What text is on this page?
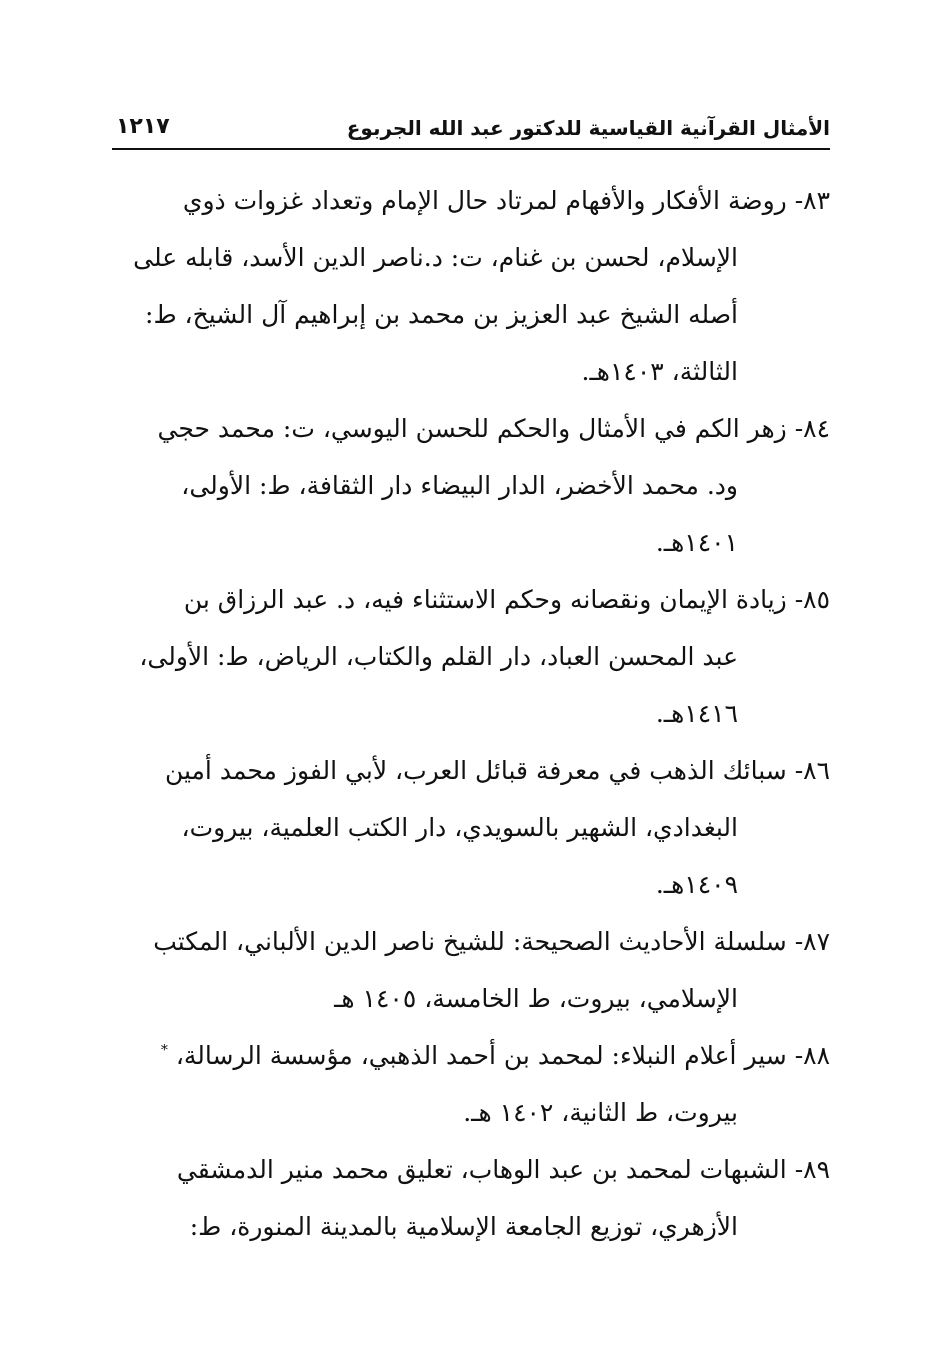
الأمثال القرآنية القياسية للدكتور عبد الله الجربوع
١٢١٧
٨٣- روضة الأفكار والأفهام لمرتاد حال الإمام وتعداد غزوات ذوي
الإسلام، لحسن بن غنام، ت: د.ناصر الدين الأسد، قابله على
أصله الشيخ عبد العزيز بن محمد بن إبراهيم آل الشيخ، ط:
الثالثة، ١٤٠٣هـ.
٨٤- زهر الكم في الأمثال والحكم للحسن اليوسي، ت: محمد حجي
ود. محمد الأخضر، الدار البيضاء دار الثقافة، ط: الأولى،
١٤٠١هـ.
٨٥- زيادة الإيمان ونقصانه وحكم الاستثناء فيه، د. عبد الرزاق بن
عبد المحسن العباد، دار القلم والكتاب، الرياض، ط: الأولى،
١٤١٦هـ.
٨٦- سبائك الذهب في معرفة قبائل العرب، لأبي الفوز محمد أمين
البغدادي، الشهير بالسويدي، دار الكتب العلمية، بيروت،
١٤٠٩هـ.
٨٧- سلسلة الأحاديث الصحيحة: للشيخ ناصر الدين الألباني، المكتب
الإسلامي، بيروت، ط الخامسة، ١٤٠٥ هـ
٨٨- سير أعلام النبلاء: لمحمد بن أحمد الذهبي، مؤسسة الرسالة، *
بيروت، ط الثانية، ١٤٠٢ هـ.
٨٩- الشبهات لمحمد بن عبد الوهاب، تعليق محمد منير الدمشقي
الأزهري، توزيع الجامعة الإسلامية بالمدينة المنورة، ط:
